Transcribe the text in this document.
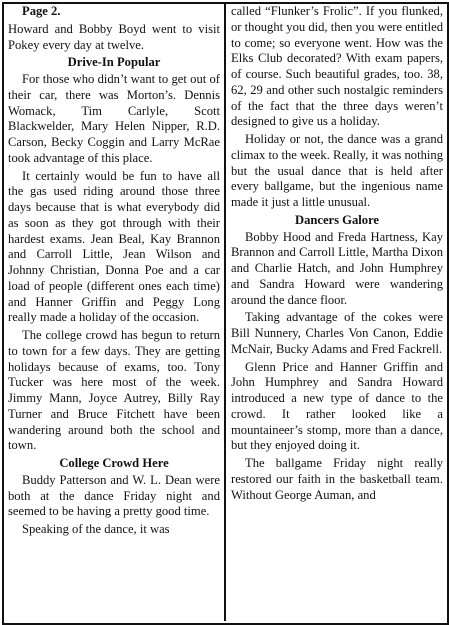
Page 2.

Howard and Bobby Boyd went to visit Pokey every day at twelve.

Drive-In Popular

For those who didn’t want to get out of their car, there was Morton’s. Dennis Womack, Tim Carlyle, Scott Blackwelder, Mary Helen Nipper, R.D. Carson, Becky Coggin and Larry McRae took advantage of this place.

It certainly would be fun to have all the gas used riding around those three days because that is what everybody did as soon as they got through with their hardest exams. Jean Beal, Kay Brannon and Carroll Little, Jean Wilson and Johnny Christian, Donna Poe and a car load of people (different ones each time) and Hanner Griffin and Peggy Long really made a holiday of the occasion.

The college crowd has begun to return to town for a few days. They are getting holidays because of exams, too. Tony Tucker was here most of the week. Jimmy Mann, Joyce Autrey, Billy Ray Turner and Bruce Fitchett have been wandering around both the school and town.

College Crowd Here

Buddy Patterson and W. L. Dean were both at the dance Friday night and seemed to be having a pretty good time.

Speaking of the dance, it was

called “Flunker’s Frolic”. If you flunked, or thought you did, then you were entitled to come; so everyone went. How was the Elks Club decorated? With exam papers, of course. Such beautiful grades, too. 38, 62, 29 and other such nostalgic reminders of the fact that the three days weren’t designed to give us a holiday.

Holiday or not, the dance was a grand climax to the week. Really, it was nothing but the usual dance that is held after every ballgame, but the ingenious name made it just a little unusual.

Dancers Galore

Bobby Hood and Freda Hartness, Kay Brannon and Carroll Little, Martha Dixon and Charlie Hatch, and John Humphrey and Sandra Howard were wandering around the dance floor.

Taking advantage of the cokes were Bill Nunnery, Charles Von Canon, Eddie McNair, Bucky Adams and Fred Fackrell.

Glenn Price and Hanner Griffin and John Humphrey and Sandra Howard introduced a new type of dance to the crowd. It rather looked like a mountaineer’s stomp, more than a dance, but they enjoyed doing it.

The ballgame Friday night really restored our faith in the basketball team. Without George Auman, and
